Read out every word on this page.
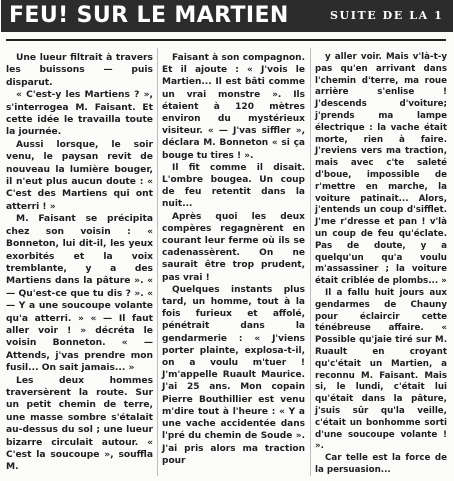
FEU! SUR LE MARTIEN	SUITE DE LA 1

Une lueur filtrait à travers les buissons — puis disparut.

« C'est-y les Martiens ? », s'interrogea M. Faisant. Et cette idée le travailla toute la journée.

Aussi lorsque, le soir venu, le paysan revit de nouveau la lumière bouger, il n'eut plus aucun doute : « C'est des Martiens qui ont atterri ! »

M. Faisant se précipita chez son voisin : « Bonneton, lui dit-il, les yeux exorbités et la voix tremblante, y a des Martiens dans la pâture ». « — Qu'est-ce que tu dis ? ». « — Y a une soucoupe volante qu'a atterri. » « — Il faut aller voir ! » décréta le voisin Bonneton. « — Attends, j'vas prendre mon fusil... On sait jamais... »

Les deux hommes traversèrent la route. Sur un petit chemin de terre, une masse sombre s'étalait au-dessus du sol ; une lueur bizarre circulait autour. « C'est la soucoupe », souffla M.

Faisant à son compagnon. Et il ajoute : « J'vois le Martien... Il est bâti comme un vrai monstre ». Ils étaient à 120 mètres environ du mystérieux visiteur. « — J'vas siffler », déclara M. Bonneton « si ça bouge tu tires ! ».

Il fit comme il disait. L'ombre bougea. Un coup de feu retentit dans la nuit...

Après quoi les deux compères regagnèrent en courant leur ferme où ils se cadenassèrent. On ne saurait être trop prudent, pas vrai !

Quelques instants plus tard, un homme, tout à la fois furieux et affolé, pénétrait dans la gendarmerie : « J'viens porter plainte, explosa-t-il, on a voulu m'tuer ! J'm'appelle Ruault Maurice. J'ai 25 ans. Mon copain Pierre Bouthillier est venu m'dire tout à l'heure : « Y a une vache accidentée dans l'pré du chemin de Soude ». J'ai pris alors ma traction pour

y aller voir. Mais v'là-t-y pas qu'en arrivant dans l'chemin d'terre, ma roue arrière s'enlise ! J'descends d'voiture; j'prends ma lampe électrique : la vache était morte, rien à faire. J'reviens vers ma traction, mais avec c'te saleté d'boue, impossible de r'mettre en marche, la voiture patinait... Alors, j'entends un coup d'sifflet. J'me r'dresse et pan ! v'là un coup de feu qu'éclate. Pas de doute, y a quelqu'un qu'a voulu m'assassiner ; la voiture était criblée de plombs... »

Il a fallu huit jours aux gendarmes de Chauny pour éclaircir cette ténébreuse affaire. « Possible qu'jaie tiré sur M. Ruault en croyant qu'c'était un Martien, a reconnu M. Faisant. Mais si, le lundi, c'était lui qu'était dans la pâture, j'suis sûr qu'la veille, c'était un bonhomme sorti d'une soucoupe volante ! ».

Car telle est la force de la persuasion...
